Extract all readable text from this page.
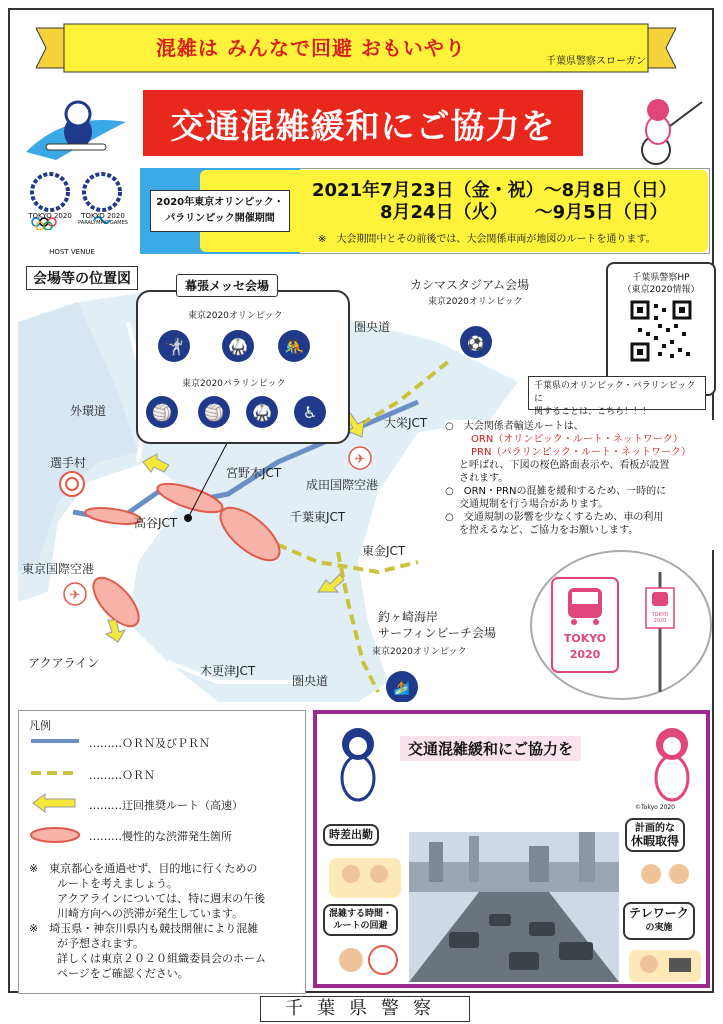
混雑は みんなで回避 おもいやり
千葉県警察スローガン
交通混雑緩和にご協力を
TOKYO 2020	TOKYO 2020
PARALYMPIC GAMES
HOST VENUE
2020年東京オリンピック・
パラリンピック開催期間
2021年7月23日（金・祝）～8月8日（日）
8月24日（火）　　～9月5日（日）
※　大会期間中とその前後では、大会関係車両が地図のルートを通ります。
✈
✈
⚽
🏄
会場等の位置図	カシマスタジアム会場
東京2020オリンピック
圏央道
外環道
選手村
東京国際空港
アクアライン
宮野木JCT
高谷JCT	千葉東JCT
東金JCT
大栄JCT
成田国際空港
木更津JCT
圏央道
釣ヶ崎海岸
サーフィンビーチ会場
東京2020オリンピック
東京2020オリンピック
🤺	🥋	🤼
東京2020パラリンピック
🏐	🏐	🥋	♿
幕張メッセ会場
千葉県警察HP
（東京2020情報）
千葉県のオリンピック・パラリンピックに
関することは、こちら！！！
○　大会関係者輸送ルートは、
ORN（オリンピック・ルート・ネットワーク）
PRN（パラリンピック・ルート・ネットワーク）
と呼ばれ、下図の桜色路面表示や、看板が設置
されます。
○　ORN・PRNの混雑を緩和するため、一時的に
交通規制を行う場合があります。
○　交通規制の影響を少なくするため、車の利用
を控えるなど、ご協力をお願いします。
TOKYO
2020
TOKYO 2020
凡例
………ＯＲＮ及びＰＲＮ
………ＯＲＮ
………迂回推奨ルート（高速）
………慢性的な渋滞発生箇所
※　東京都心を通過せず、目的地に行くための
ルートを考えましょう。
アクアラインについては、特に週末の午後
川崎方向への渋滞が発生しています。
※　埼玉県・神奈川県内も競技開催により混雑
が予想されます。
詳しくは東京２０２０組織委員会のホーム
ページをご確認ください。
©Tokyo 2020
時差出勤
混雑する時間・
ルートの回避
計画的な
休暇取得
テレワーク
の実施
交通混雑緩和にご協力を
千葉県警察
